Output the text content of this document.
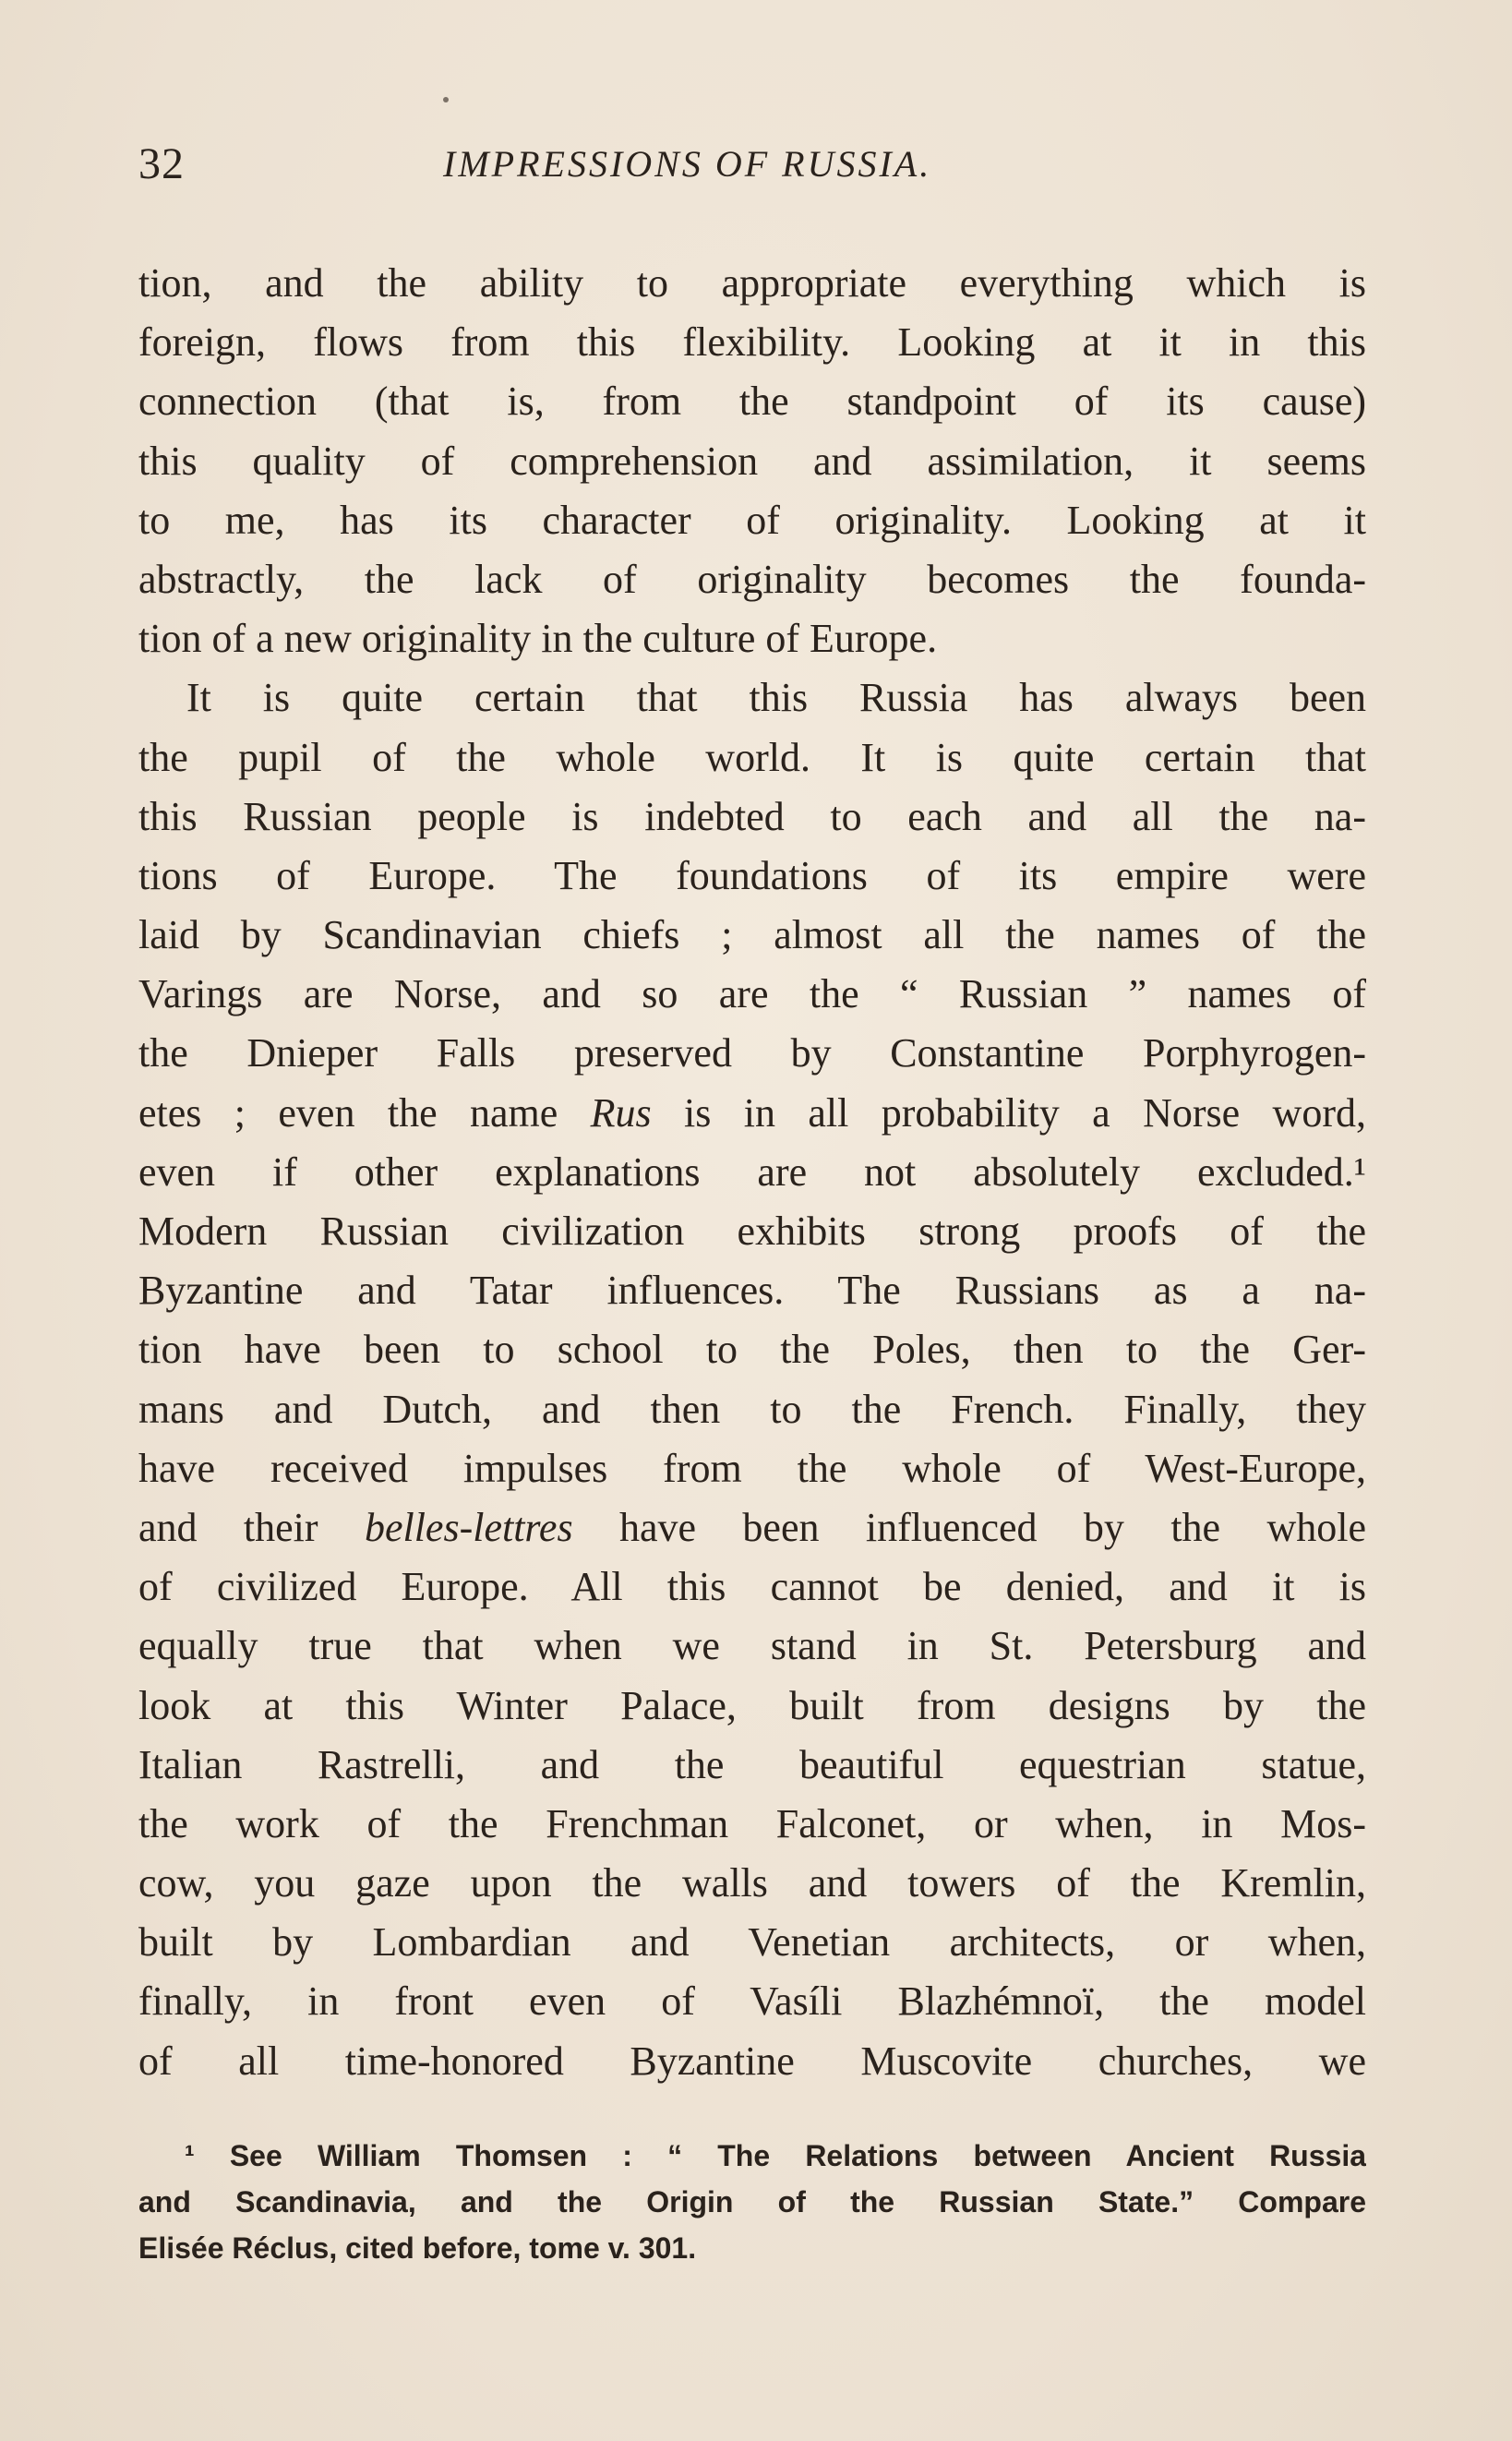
32	IMPRESSIONS OF RUSSIA.
tion, and the ability to appropriate everything which is
foreign, flows from this flexibility. Looking at it in this
connection (that is, from the standpoint of its cause)
this quality of comprehension and assimilation, it seems
to me, has its character of originality. Looking at it
abstractly, the lack of originality becomes the founda-
tion of a new originality in the culture of Europe.
It is quite certain that this Russia has always been
the pupil of the whole world. It is quite certain that
this Russian people is indebted to each and all the na-
tions of Europe. The foundations of its empire were
laid by Scandinavian chiefs ; almost all the names of the
Varings are Norse, and so are the “ Russian ” names of
the Dnieper Falls preserved by Constantine Porphyrogen-
etes ; even the name Rus is in all probability a Norse word,
even if other explanations are not absolutely excluded.¹
Modern Russian civilization exhibits strong proofs of the
Byzantine and Tatar influences. The Russians as a na-
tion have been to school to the Poles, then to the Ger-
mans and Dutch, and then to the French. Finally, they
have received impulses from the whole of West-Europe,
and their belles-lettres have been influenced by the whole
of civilized Europe. All this cannot be denied, and it is
equally true that when we stand in St. Petersburg and
look at this Winter Palace, built from designs by the
Italian Rastrelli, and the beautiful equestrian statue,
the work of the Frenchman Falconet, or when, in Mos-
cow, you gaze upon the walls and towers of the Kremlin,
built by Lombardian and Venetian architects, or when,
finally, in front even of Vasíli Blazhémnoï, the model
of all time-honored Byzantine Muscovite churches, we
¹ See William Thomsen : “ The Relations between Ancient Russia
and Scandinavia, and the Origin of the Russian State.” Compare
Elisée Réclus, cited before, tome v. 301.
